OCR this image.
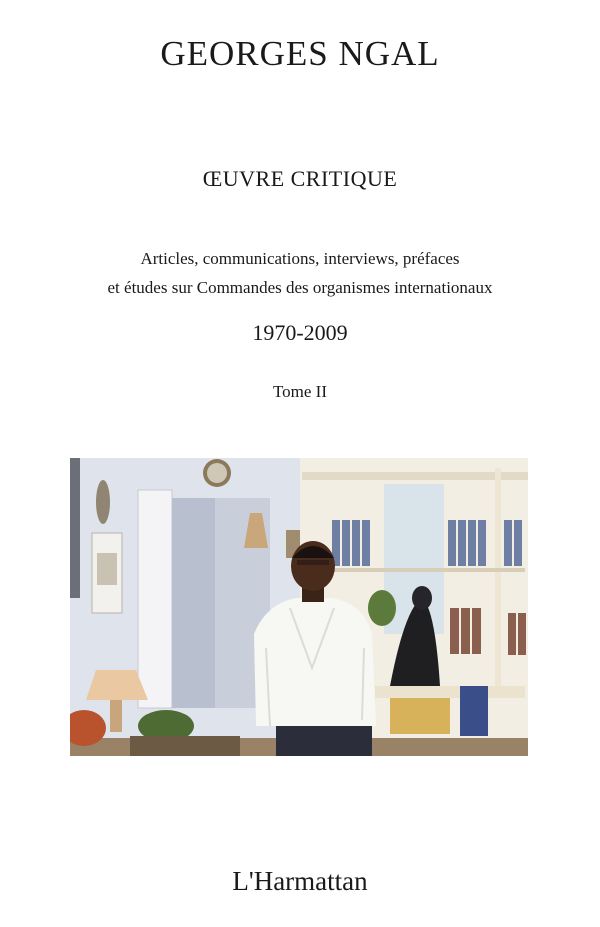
GEORGES NGAL
ŒUVRE CRITIQUE
Articles, communications, interviews, préfaces
et études sur Commandes des organismes internationaux
1970-2009
Tome II
L'Harmattan
